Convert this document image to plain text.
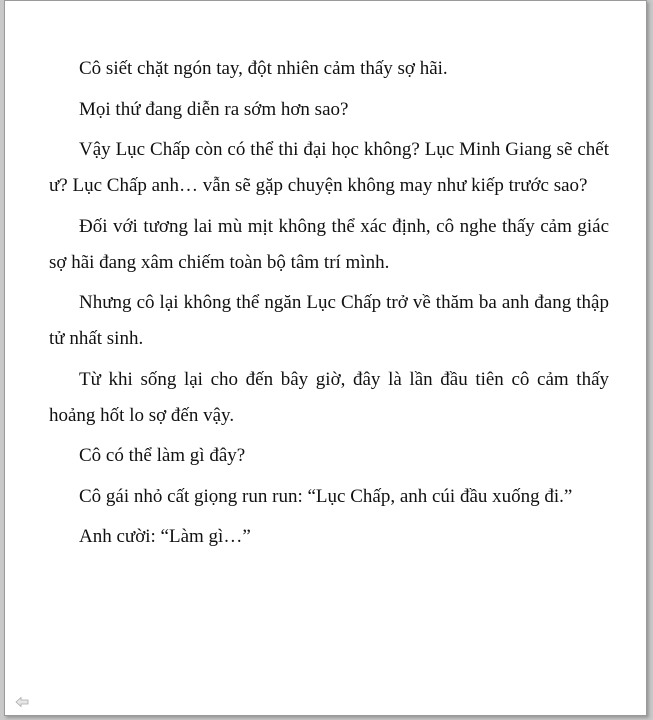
Cô siết chặt ngón tay, đột nhiên cảm thấy sợ hãi.

Mọi thứ đang diễn ra sớm hơn sao?

Vậy Lục Chấp còn có thể thi đại học không? Lục Minh Giang sẽ chết ư? Lục Chấp anh… vẫn sẽ gặp chuyện không may như kiếp trước sao?

Đối với tương lai mù mịt không thể xác định, cô nghe thấy cảm giác sợ hãi đang xâm chiếm toàn bộ tâm trí mình.

Nhưng cô lại không thể ngăn Lục Chấp trở về thăm ba anh đang thập tử nhất sinh.

Từ khi sống lại cho đến bây giờ, đây là lần đầu tiên cô cảm thấy hoảng hốt lo sợ đến vậy.

Cô có thể làm gì đây?

Cô gái nhỏ cất giọng run run: “Lục Chấp, anh cúi đầu xuống đi.”

Anh cười: “Làm gì…”
